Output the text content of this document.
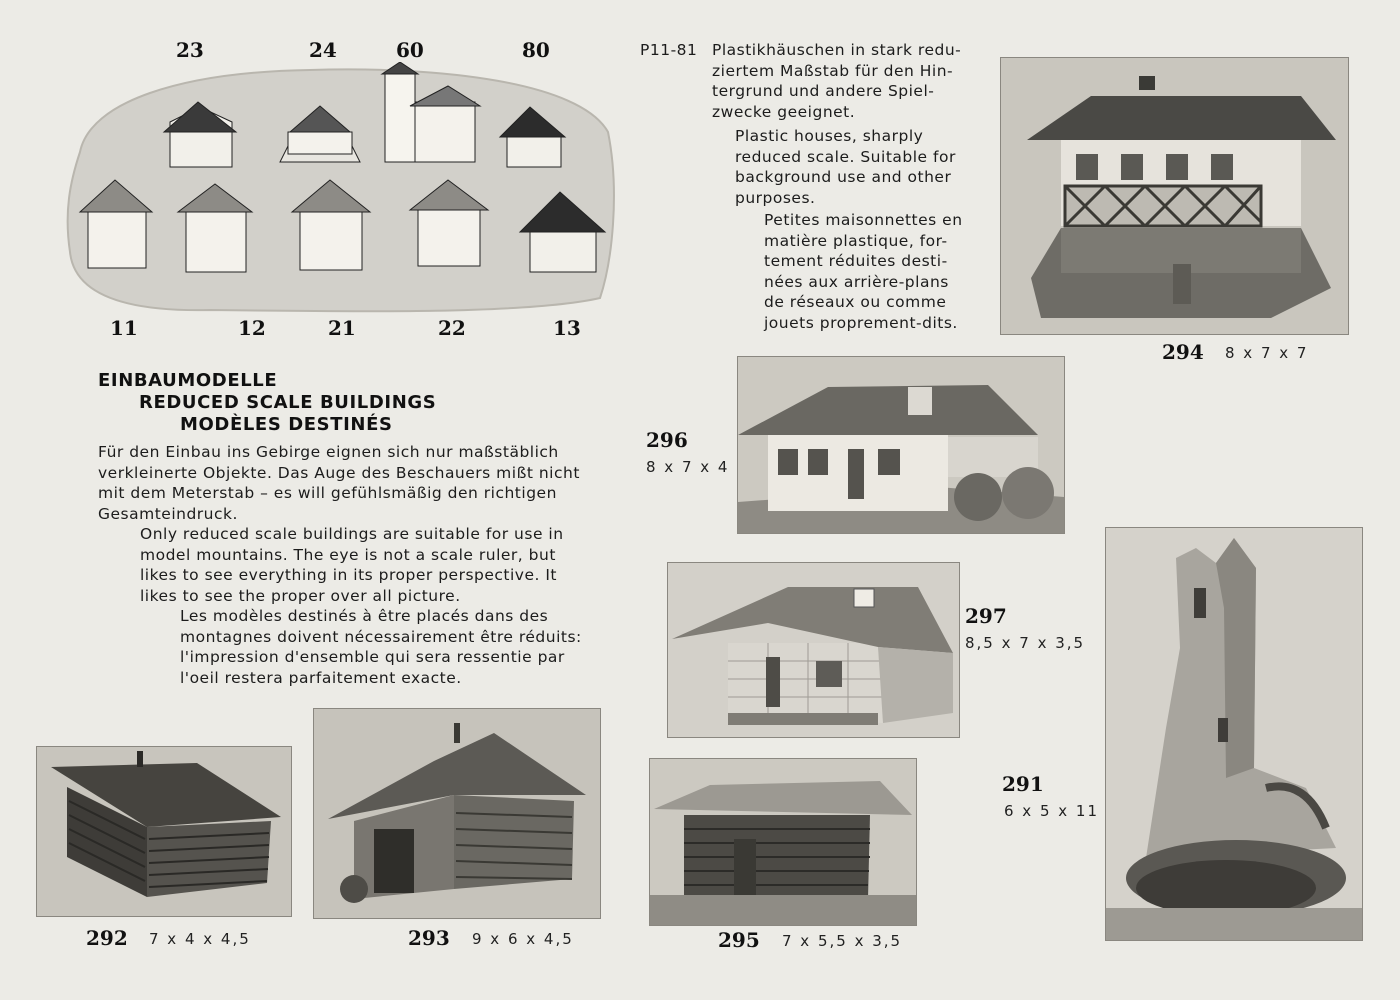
23	24	60	80
11	12	21	22	13
EINBAUMODELLE
REDUCED SCALE BUILDINGS
MODÈLES DESTINÉS
Für den Einbau ins Gebirge eignen sich nur maßstäblich
verkleinerte Objekte. Das Auge des Beschauers mißt nicht
mit dem Meterstab – es will gefühlsmäßig den richtigen
Gesamteindruck.
Only reduced scale buildings are suitable for use in
model mountains. The eye is not a scale ruler, but
likes to see everything in its proper perspective. It
likes to see the proper over all picture.
Les modèles destinés à être placés dans des
montagnes doivent nécessairement être réduits:
l'impression d'ensemble qui sera ressentie par
l'oeil restera parfaitement exacte.
P11-81 Plastikhäuschen in stark redu-
ziertem Maßstab für den Hin-
tergrund und andere Spiel-
zwecke geeignet.
Plastic houses, sharply
reduced scale. Suitable for
background use and other
purposes.
Petites maisonnettes en
matière plastique, for-
tement réduites desti-
nées aux arrière-plans
de réseaux ou comme
jouets proprement-dits.
294 8 x 7 x 7
296
8 x 7 x 4
297
8,5 x 7 x 3,5
291
6 x 5 x 11
292 7 x 4 x 4,5	293 9 x 6 x 4,5	295 7 x 5,5 x 3,5
